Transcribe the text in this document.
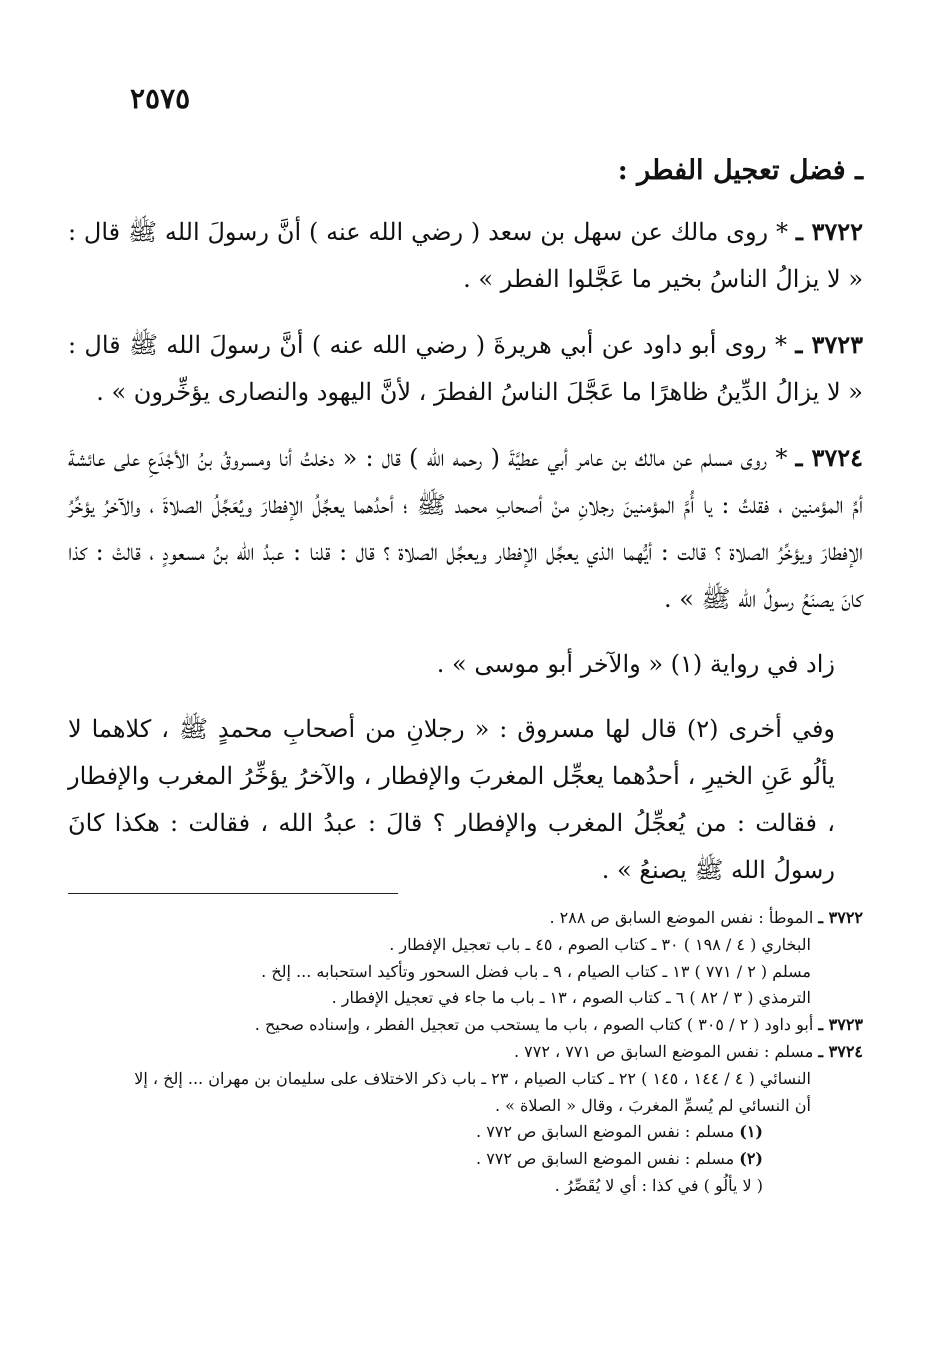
٢٥٧٥
ـ فضل تعجيل الفطر :

٣٧٢٢ ـ * روى مالك عن سهل بن سعد ( رضي الله عنه ) أنَّ رسولَ الله ﷺ قال : « لا يزالُ الناسُ بخير ما عَجَّلوا الفطر » .

٣٧٢٣ ـ * روى أبو داود عن أبي هريرةَ ( رضي الله عنه ) أنَّ رسولَ الله ﷺ قال : « لا يزالُ الدِّينُ ظاهرًا ما عَجَّلَ الناسُ الفطرَ ، لأنَّ اليهود والنصارى يؤخِّرون » .

٣٧٢٤ ـ * روى مسلم عن مالك بن عامر أبي عطيَّةَ ( رحمه الله ) قال : « دخلتُ أنا ومسروقُ بنُ الأجْدَعِ على عائشةَ أمِّ المؤمنين ، فقلتُ : يا أُمَّ المؤمنينَ رجلانِ منْ أصحابِ محمد ﷺ ؛ أحدُهما يعجِّلُ الإفطارَ ويُعَجِّلُ الصلاةَ ، والآخرُ يؤخِّرُ الإفطارَ ويؤخِّرُ الصلاة ؟ قالت : أيُّهما الذي يعجِّل الإفطار ويعجِّل الصلاة ؟ قال : قلنا : عبدُ الله بنُ مسعودٍ ، قالتْ : كذا كانَ يصنَعُ رسولُ الله ﷺ » .

زاد في رواية (١) « والآخر أبو موسى » .

وفي أخرى (٢) قال لها مسروق : « رجلانِ من أصحابِ محمدٍ ﷺ ، كلاهما لا يألُو عَنِ الخيرِ ، أحدُهما يعجِّل المغربَ والإفطار ، والآخرُ يؤخِّرُ المغرب والإفطار ، فقالت : من يُعجِّلُ المغرب والإفطار ؟ قالَ : عبدُ الله ، فقالت : هكذا كانَ رسولُ الله ﷺ يصنعُ » .

٣٧٢٢ ـ الموطأ : نفس الموضع السابق ص ٢٨٨ .

البخاري ( ٤ / ١٩٨ ) ٣٠ ـ كتاب الصوم ، ٤٥ ـ باب تعجيل الإفطار .

مسلم ( ٢ / ٧٧١ ) ١٣ ـ كتاب الصيام ، ٩ ـ باب فضل السحور وتأكيد استحبابه ... إلخ .

الترمذي ( ٣ / ٨٢ ) ٦ ـ كتاب الصوم ، ١٣ ـ باب ما جاء في تعجيل الإفطار .

٣٧٢٣ ـ أبو داود ( ٢ / ٣٠٥ ) كتاب الصوم ، باب ما يستحب من تعجيل الفطر ، وإسناده صحيح .

٣٧٢٤ ـ مسلم : نفس الموضع السابق ص ٧٧١ ، ٧٧٢ .

النسائي ( ٤ / ١٤٤ ، ١٤٥ ) ٢٢ ـ كتاب الصيام ، ٢٣ ـ باب ذكر الاختلاف على سليمان بن مهران ... إلخ ، إلا

أن النسائي لم يُسمِّ المغربَ ، وقال « الصلاة » .

(١) مسلم : نفس الموضع السابق ص ٧٧٢ .

(٢) مسلم : نفس الموضع السابق ص ٧٧٢ .

( لا يألُو ) في كذا : أي لا يُقَصِّرُ .
